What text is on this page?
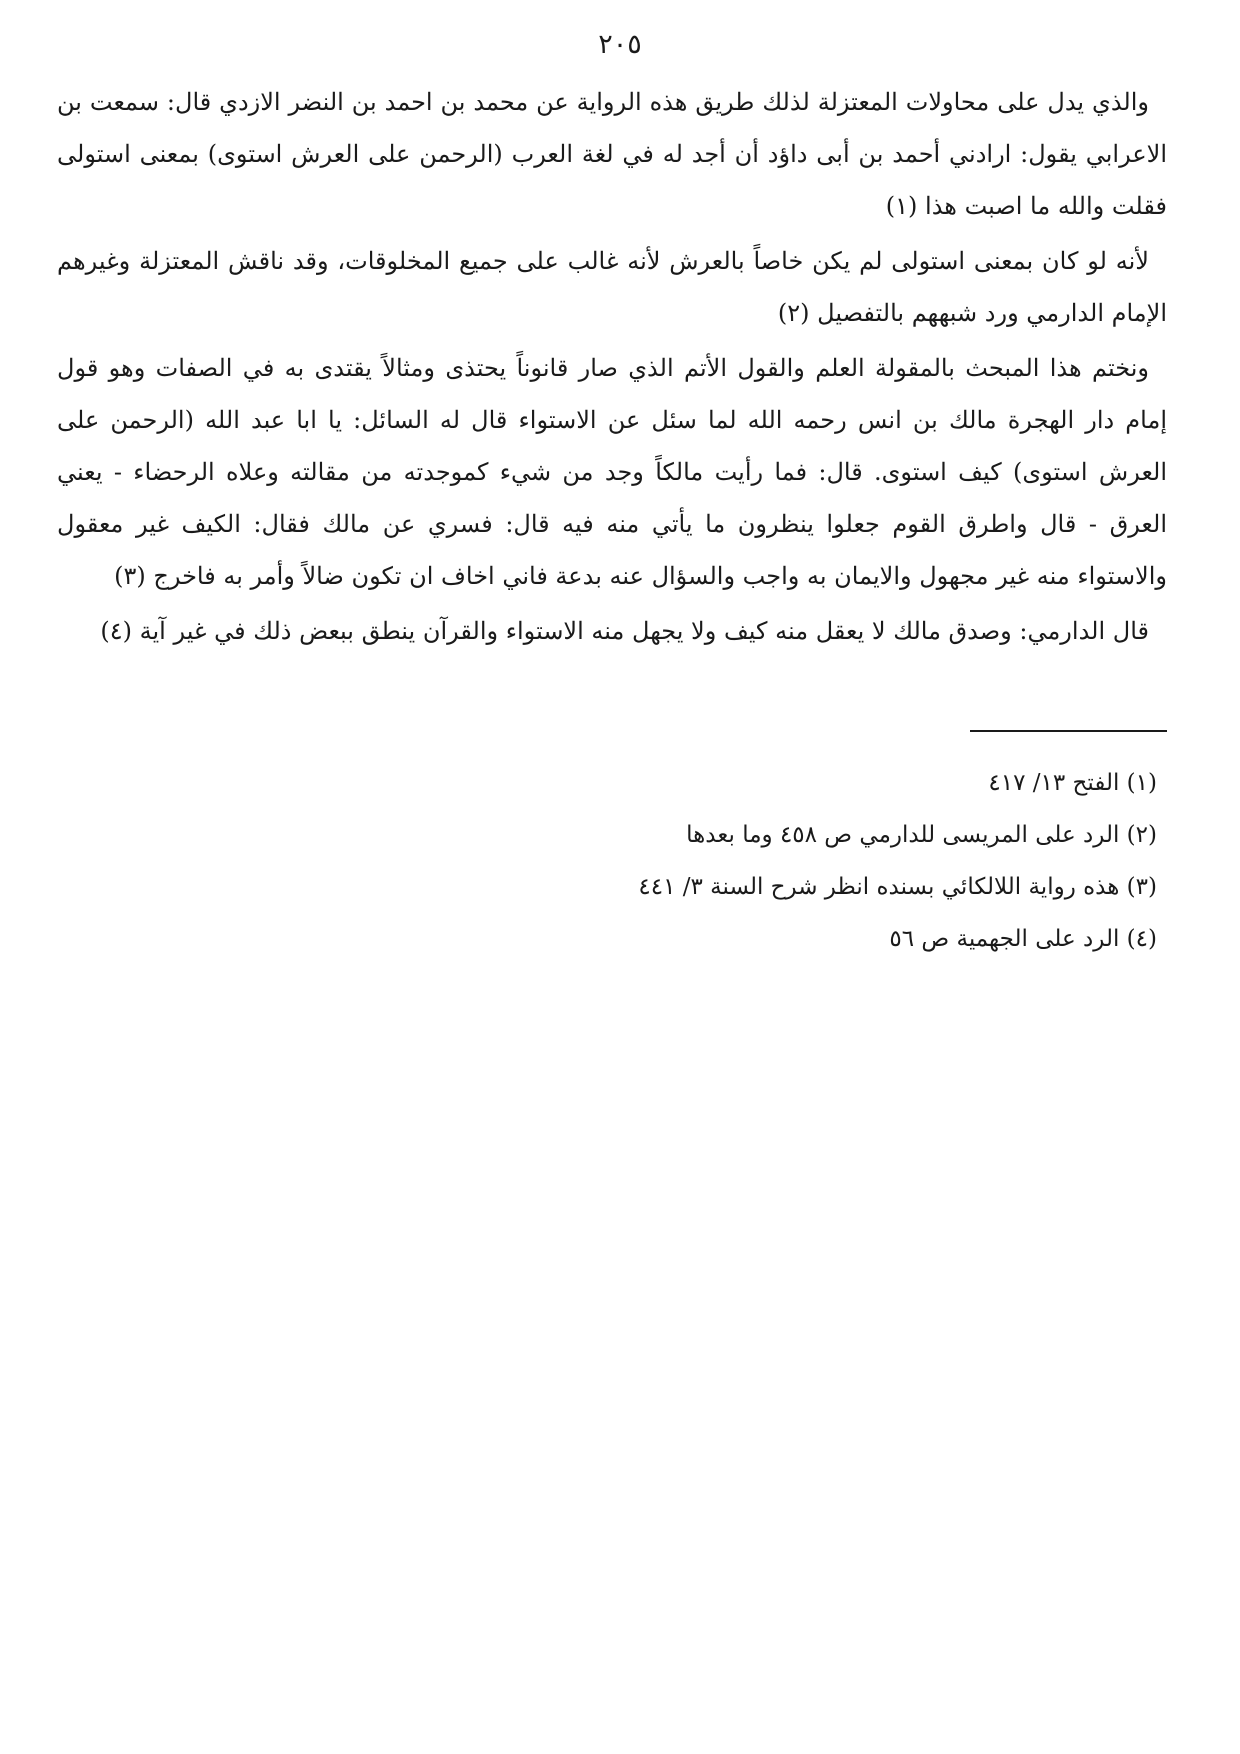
٢٠٥

والذي يدل على محاولات المعتزلة لذلك طريق هذه الرواية عن محمد بن احمد بن النضر الازدي قال: سمعت بن الاعرابي يقول: ارادني أحمد بن أبى داؤد أن أجد له في لغة العرب (الرحمن على العرش استوى) بمعنى استولى فقلت والله ما اصبت هذا (١)

لأنه لو كان بمعنى استولى لم يكن خاصاً بالعرش لأنه غالب على جميع المخلوقات، وقد ناقش المعتزلة وغيرهم الإمام الدارمي ورد شبههم بالتفصيل (٢)

ونختم هذا المبحث بالمقولة العلم والقول الأتم الذي صار قانوناً يحتذى ومثالاً يقتدى به في الصفات وهو قول إمام دار الهجرة مالك بن انس رحمه الله لما سئل عن الاستواء قال له السائل: يا ابا عبد الله (الرحمن على العرش استوى) كيف استوى. قال: فما رأيت مالكاً وجد من شيء كموجدته من مقالته وعلاه الرحضاء - يعني العرق - قال واطرق القوم جعلوا ينظرون ما يأتي منه فيه قال: فسري عن مالك فقال: الكيف غير معقول والاستواء منه غير مجهول والايمان به واجب والسؤال عنه بدعة فاني اخاف ان تكون ضالاً وأمر به فاخرج (٣)

قال الدارمي: وصدق مالك لا يعقل منه كيف ولا يجهل منه الاستواء والقرآن ينطق ببعض ذلك في غير آية (٤)

(١) الفتح ١٣/ ٤١٧

(٢) الرد على المريسى للدارمي ص ٤٥٨ وما بعدها

(٣) هذه رواية اللالكائي بسنده انظر شرح السنة ٣/ ٤٤١

(٤) الرد على الجهمية ص ٥٦
